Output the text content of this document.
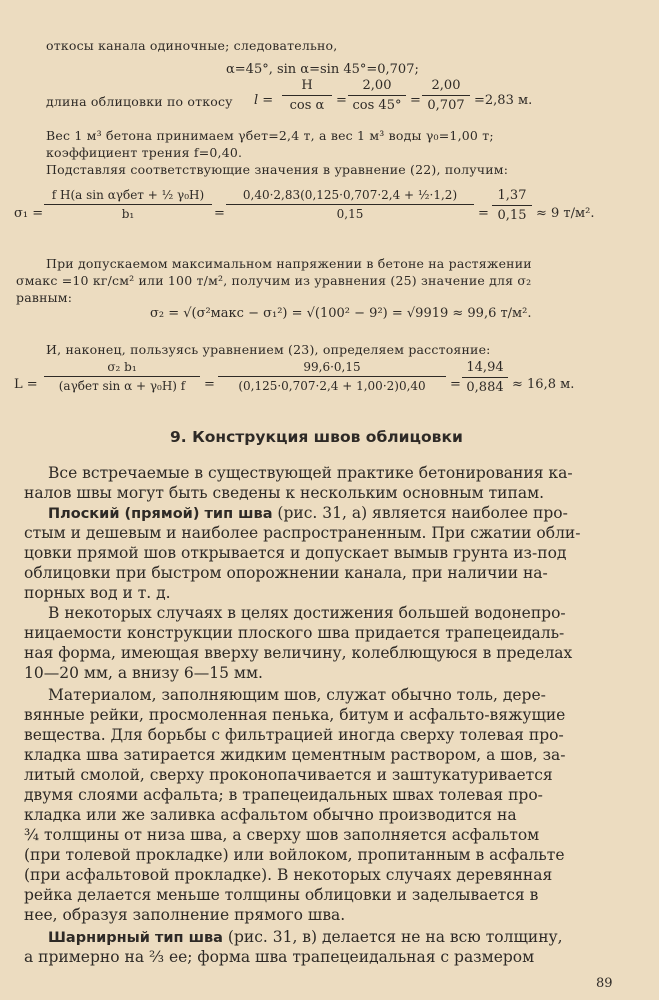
откосы канала одиночные; следовательно,
α=45°, sin α=sin 45°=0,707;
длина облицовки по откосу $l = \frac{H}{\text{cos α}} = \frac{2,00}{\cos 45^\circ} = \frac{2,00}{0,707} =2,83$ м.
Вес 1 м³ бетона принимаем γбет=2,4 т, а вес 1 м³ воды γ₀=1,00 т;
коэффициент трения f=0,40.
Подставляя соответствующие значения в уравнение (22), получим:
σ₁ =
f H(a sin αγбет + ½ γ₀H)
b₁	= $\frac{\text{0,40·2,83(0,125·0,707·2,4 + ½·1,2)}}{0,15} = \frac{1,37}{0,15} \approx 9$ т/м².
При допускаемом максимальном напряжении в бетоне на растяжении
σмакс =10 кг/см² или 100 т/м², получим из уравнения (25) значение для σ₂
равным:
σ₂ = √(σ²макс − σ₁²) = √(100² − 9²) = √9919 ≈ 99,6 т/м².
И, наконец, пользуясь уравнением (23), определяем расстояние:
L =
σ₂ b₁
(aγбет sin α + γ₀H) f	= $\frac{99,6\cdot 0,15}{(0,125\cdot 0,707\cdot 2,4 + 1,00\cdot 2)0,40} = \frac{14,94}{0,884} \approx 16,8$ м.
9. Конструкция швов облицовки
Все встречаемые в существующей практике бетонирования ка-
налов швы могут быть сведены к нескольким основным типам.
Плоский (прямой) тип шва (рис. 31, а) является наиболее про-
стым и дешевым и наиболее распространенным. При сжатии обли-
цовки прямой шов открывается и допускает вымыв грунта из-под
облицовки при быстром опорожнении канала, при наличии на-
порных вод и т. д.
В некоторых случаях в целях достижения большей водонепро-
ницаемости конструкции плоского шва придается трапецеидаль-
ная форма, имеющая вверху величину, колеблющуюся в пределах
10—20 мм, а внизу 6—15 мм.
Материалом, заполняющим шов, служат обычно толь, дере-
вянные рейки, просмоленная пенька, битум и асфальто-вяжущие
вещества. Для борьбы с фильтрацией иногда сверху толевая про-
кладка шва затирается жидким цементным раствором, а шов, за-
литый смолой, сверху проконопачивается и заштукатуривается
двумя слоями асфальта; в трапецеидальных швах толевая про-
кладка или же заливка асфальтом обычно производится на
¾ толщины от низа шва, а сверху шов заполняется асфальтом
(при толевой прокладке) или войлоком, пропитанным в асфальте
(при асфальтовой прокладке). В некоторых случаях деревянная
рейка делается меньше толщины облицовки и заделывается в
нее, образуя заполнение прямого шва.
Шарнирный тип шва (рис. 31, в) делается не на всю толщину,
а примерно на ⅔ ее; форма шва трапецеидальная с размером
89
